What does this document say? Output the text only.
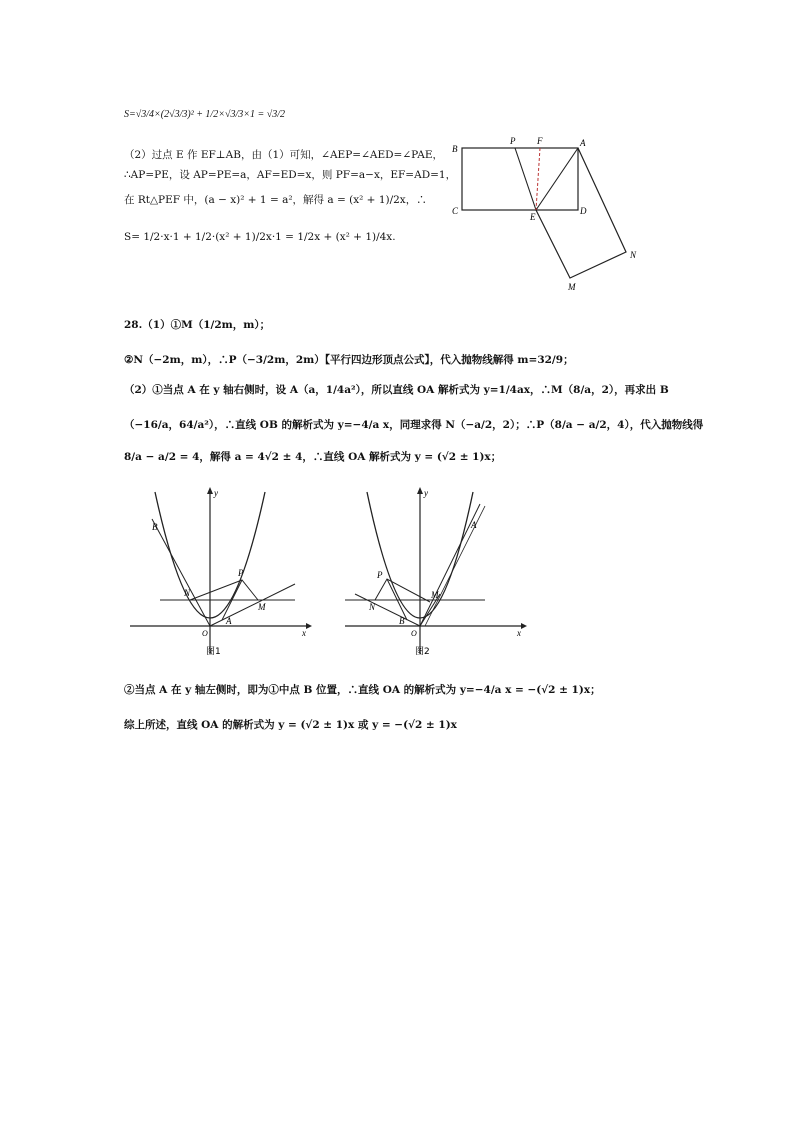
S=√3/4×(2√3/3)² + 1/2×√3/3×1 = √3/2
（2）过点 E 作 EF⊥AB，由（1）可知，∠AEP=∠AED=∠PAE，
∴AP=PE，设 AP=PE=a，AF=ED=x，则 PF=a−x，EF=AD=1，
在 Rt△PEF 中，(a − x)² + 1 = a²，解得 a = (x² + 1)/2x，∴
S= 1/2·x·1 + 1/2·(x² + 1)/2x·1 = 1/2x + (x² + 1)/4x.
B
P F	A
C
E
D
N
M
28.（1）①M（1/2m，m）；
②N（−2m，m），∴P（−3/2m，2m）【平行四边形顶点公式】，代入抛物线解得 m=32/9；
（2）①当点 A 在 y 轴右侧时，设 A（a，1/4a²），所以直线 OA 解析式为 y=1/4ax，∴M（8/a，2），再求出 B
（−16/a，64/a²），∴直线 OB 的解析式为 y=−4/a x，同理求得 N（−a/2，2）；∴P（8/a − a/2，4），代入抛物线得
8/a − a/2 = 4，解得 a = 4√2 ± 4，∴直线 OA 解析式为 y = (√2 ± 1)x；
y
x
O
B
A
P
N
M
图1
y
x
O
B
A
P
N
M
图2
②当点 A 在 y 轴左侧时，即为①中点 B 位置，∴直线 OA 的解析式为 y=−4/a x = −(√2 ± 1)x；
综上所述，直线 OA 的解析式为 y = (√2 ± 1)x 或 y = −(√2 ± 1)x
